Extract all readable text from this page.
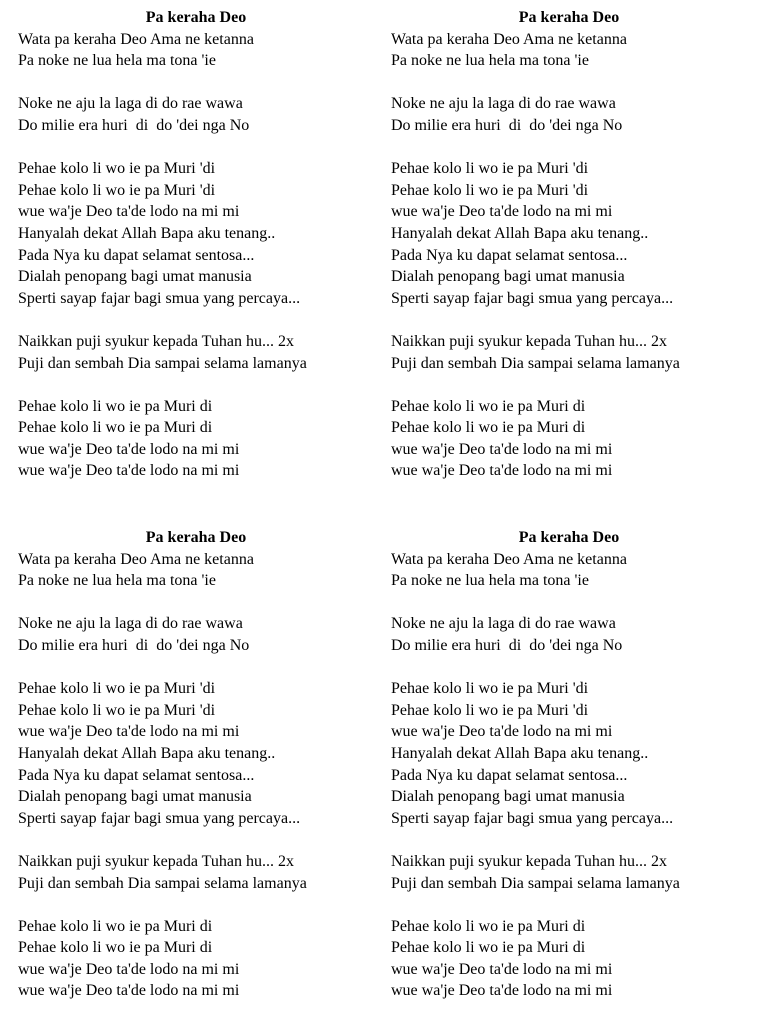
Pa keraha Deo
Wata pa keraha Deo Ama ne ketanna
Pa noke ne lua hela ma tona 'ie
Noke ne aju la laga di do rae wawa
Do milie era huri  di  do 'dei nga No
Pehae kolo li wo ie pa Muri 'di
Pehae kolo li wo ie pa Muri 'di
wue wa'je Deo ta'de lodo na mi mi
Hanyalah dekat Allah Bapa aku tenang..
Pada Nya ku dapat selamat sentosa...
Dialah penopang bagi umat manusia
Sperti sayap fajar bagi smua yang percaya...
Naikkan puji syukur kepada Tuhan hu... 2x
Puji dan sembah Dia sampai selama lamanya
Pehae kolo li wo ie pa Muri di
Pehae kolo li wo ie pa Muri di
wue wa'je Deo ta'de lodo na mi mi
wue wa'je Deo ta'de lodo na mi mi
Pa keraha Deo
Wata pa keraha Deo Ama ne ketanna
Pa noke ne lua hela ma tona 'ie
Noke ne aju la laga di do rae wawa
Do milie era huri  di  do 'dei nga No
Pehae kolo li wo ie pa Muri 'di
Pehae kolo li wo ie pa Muri 'di
wue wa'je Deo ta'de lodo na mi mi
Hanyalah dekat Allah Bapa aku tenang..
Pada Nya ku dapat selamat sentosa...
Dialah penopang bagi umat manusia
Sperti sayap fajar bagi smua yang percaya...
Naikkan puji syukur kepada Tuhan hu... 2x
Puji dan sembah Dia sampai selama lamanya
Pehae kolo li wo ie pa Muri di
Pehae kolo li wo ie pa Muri di
wue wa'je Deo ta'de lodo na mi mi
wue wa'je Deo ta'de lodo na mi mi
Pa keraha Deo
Wata pa keraha Deo Ama ne ketanna
Pa noke ne lua hela ma tona 'ie
Noke ne aju la laga di do rae wawa
Do milie era huri  di  do 'dei nga No
Pehae kolo li wo ie pa Muri 'di
Pehae kolo li wo ie pa Muri 'di
wue wa'je Deo ta'de lodo na mi mi
Hanyalah dekat Allah Bapa aku tenang..
Pada Nya ku dapat selamat sentosa...
Dialah penopang bagi umat manusia
Sperti sayap fajar bagi smua yang percaya...
Naikkan puji syukur kepada Tuhan hu... 2x
Puji dan sembah Dia sampai selama lamanya
Pehae kolo li wo ie pa Muri di
Pehae kolo li wo ie pa Muri di
wue wa'je Deo ta'de lodo na mi mi
wue wa'je Deo ta'de lodo na mi mi
Pa keraha Deo
Wata pa keraha Deo Ama ne ketanna
Pa noke ne lua hela ma tona 'ie
Noke ne aju la laga di do rae wawa
Do milie era huri  di  do 'dei nga No
Pehae kolo li wo ie pa Muri 'di
Pehae kolo li wo ie pa Muri 'di
wue wa'je Deo ta'de lodo na mi mi
Hanyalah dekat Allah Bapa aku tenang..
Pada Nya ku dapat selamat sentosa...
Dialah penopang bagi umat manusia
Sperti sayap fajar bagi smua yang percaya...
Naikkan puji syukur kepada Tuhan hu... 2x
Puji dan sembah Dia sampai selama lamanya
Pehae kolo li wo ie pa Muri di
Pehae kolo li wo ie pa Muri di
wue wa'je Deo ta'de lodo na mi mi
wue wa'je Deo ta'de lodo na mi mi
